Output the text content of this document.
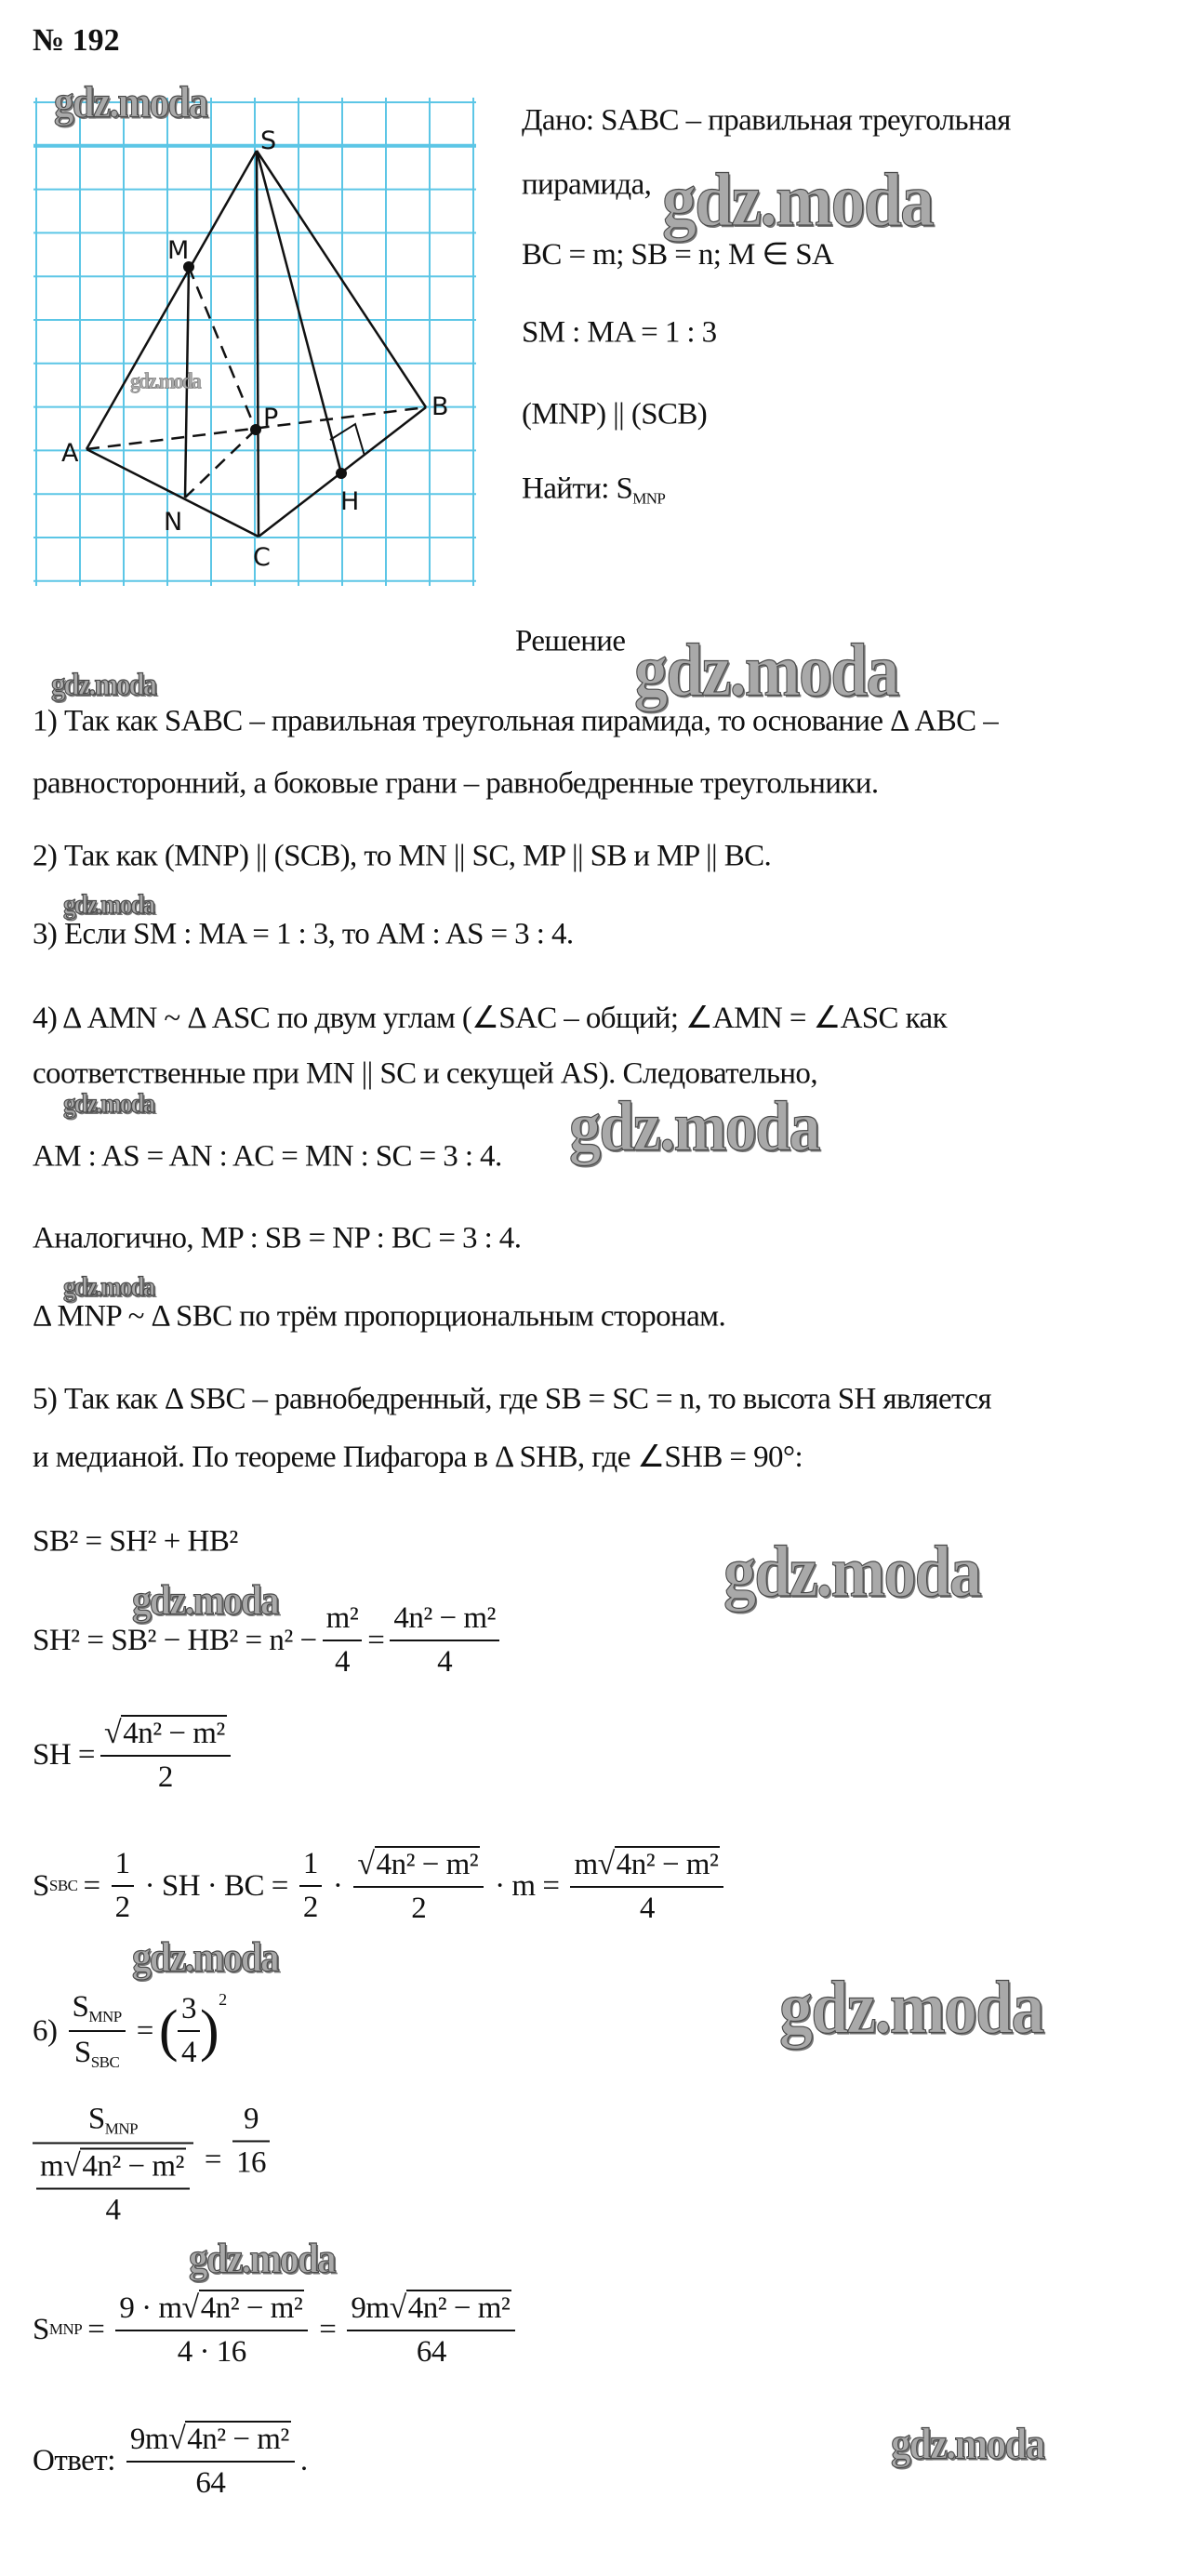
№ 192
S
M
A
P	B
H
N
C
Дано: SABC – правильная треугольная
пирамида,
BC = m; SB = n; M ∈ SA
SM : MA = 1 : 3
(MNP) || (SCB)
Найти: $S_{MNP}$
Решение
1) Так как SABC – правильная треугольная пирамида, то основание Δ ABC –
равносторонний, а боковые грани – равнобедренные треугольники.
2) Так как (MNP) || (SCB), то MN || SC, MP || SB и MP || BC.
3) Если SM : MA = 1 : 3, то AM : AS = 3 : 4.
4) Δ AMN ~ Δ ASC по двум углам (∠SAC – общий; ∠AMN = ∠ASC как
соответственные при MN || SC и секущей AS). Следовательно,
AM : AS = AN : AC = MN : SC = 3 : 4.
Аналогично, MP : SB = NP : BC = 3 : 4.
Δ MNP ~ Δ SBC по трём пропорциональным сторонам.
5) Так как Δ SBC – равнобедренный, где SB = SC = n, то высота SH является
и медианой. По теореме Пифагора в Δ SHB, где ∠SHB = 90°:
SB² = SH² + HB²
$SH^2 = SB^2 - HB^2 = n^2 - \frac{\text{m²}}{4} = \frac{\text{4n² − m²}}{4}$
SH = $\frac{\text{√ 4n² − m²}}{2}$
S SBC = $\frac{1}{2}$ · SH · BC = $\frac{1}{2} \cdot \frac{\text{√ 4n² − m²}}{2} \cdot m = \frac{\text{m √ 4n² − m²}}{4}$
$6) \frac{S_{MNP}}{S_{SBC}}$ = ( $\frac{3}{4}$ ) 2
$\frac{S_{MNP}}{\frac{\text{m √ 4n² − m²}}{4}} = \frac{9}{16}$
S MNP = $\frac{\text{9 · m √ 4n² − m²}}{4 \cdot 16} = \frac{\text{9m √ 4n² − m²}}{64}$
Ответ: $\frac{\text{9m √ 4n² − m²}}{64}$ .
gdz.moda
gdz.moda
gdz.moda
gdz.moda	gdz.moda
gdz.moda
gdz.moda
gdz.moda
gdz.moda
gdz.moda
gdz.moda
gdz.moda
gdz.moda
gdz.moda
gdz.moda
